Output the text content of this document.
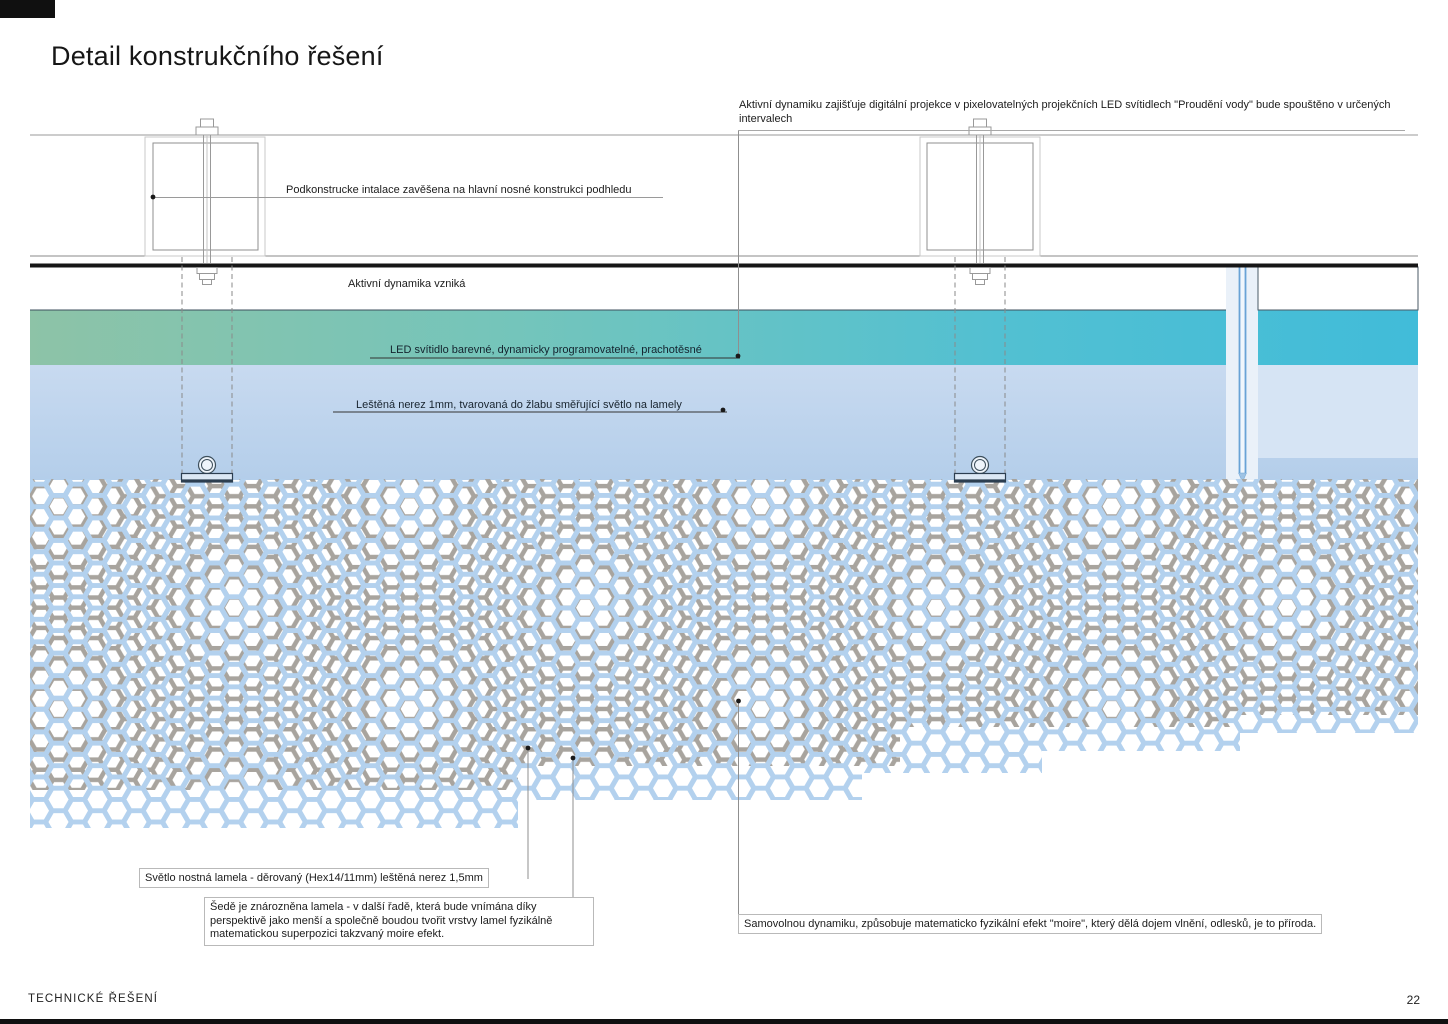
Detail konstrukčního řešení
Aktivní dynamiku zajišťuje digitální projekce v pixelovatelných projekčních LED svítidlech "Proudění vody" bude spouštěno v určených intervalech
Podkonstrucke intalace zavěšena na hlavní nosné konstrukci podhledu
Aktivní dynamika vzniká
LED svítidlo barevné, dynamicky programovatelné, prachotěsné
Leštěná nerez 1mm, tvarovaná do žlabu směřující světlo na lamely
Světlo nostná lamela - děrovaný (Hex14/11mm) leštěná nerez 1,5mm
Šedě je znározněna lamela - v další řadě, která bude vnímána díky perspektivě jako menší a společně boudou tvořit vrstvy lamel fyzikálně matematickou superpozici takzvaný moire efekt.
Samovolnou dynamiku, způsobuje matematicko fyzikální efekt "moire", který dělá dojem vlnění, odlesků, je to příroda.
TECHNICKÉ ŘEŠENÍ	22
